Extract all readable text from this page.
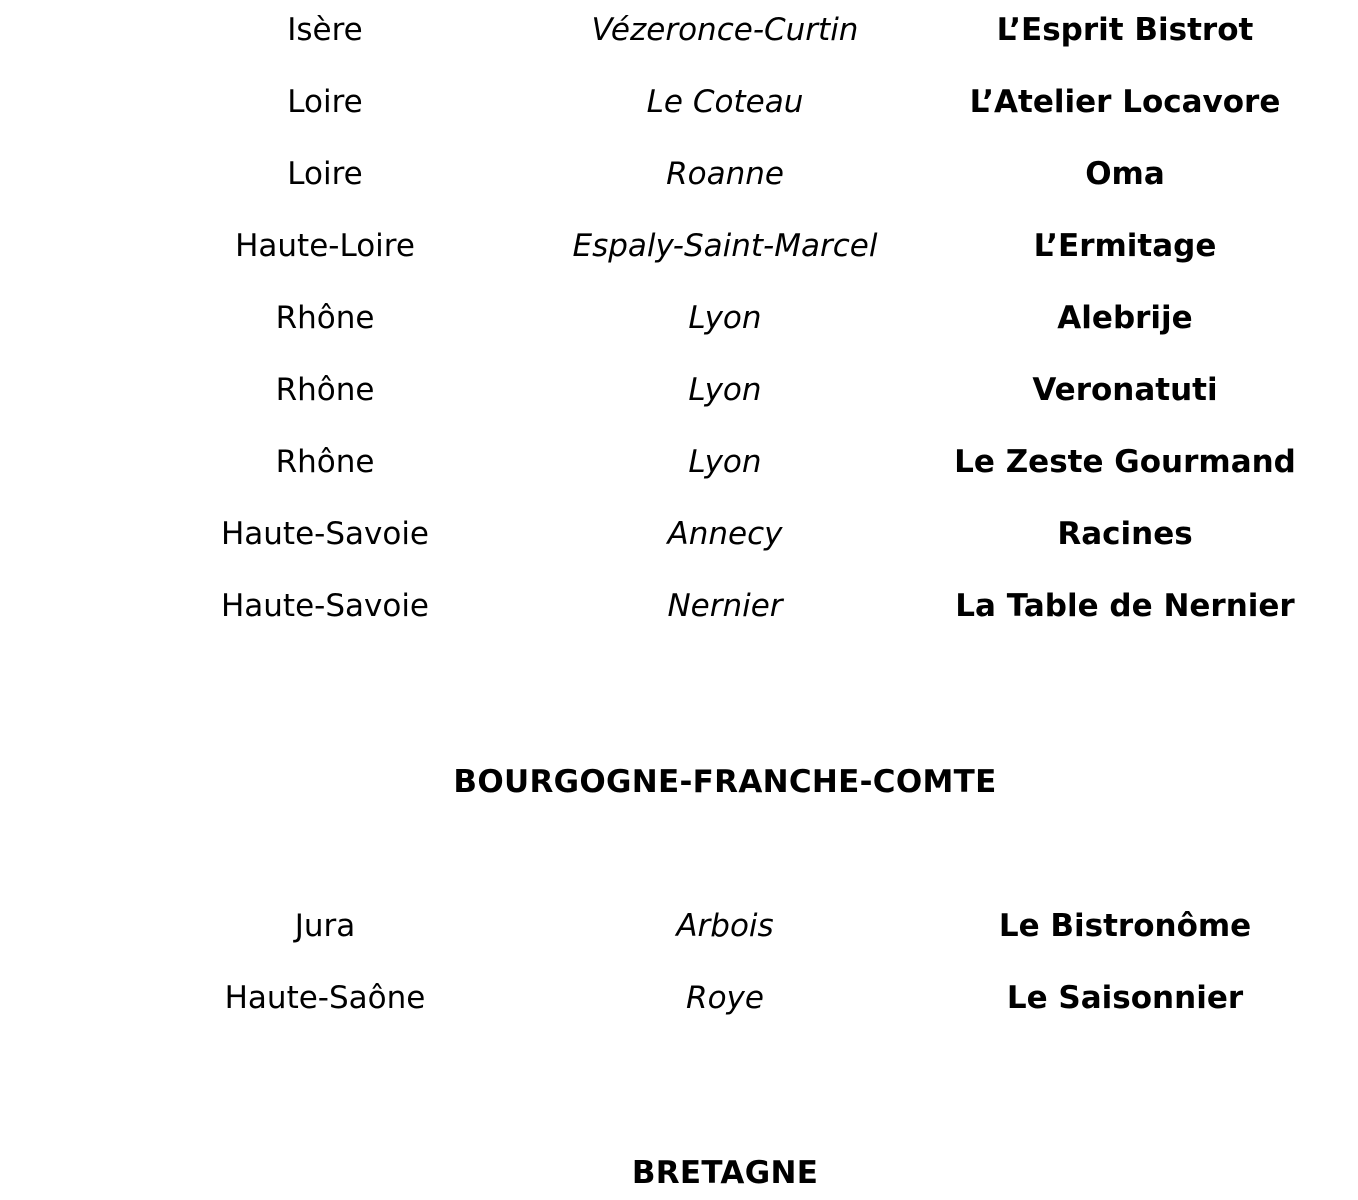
Isère	Vézeronce-Curtin	L’Esprit Bistrot
Loire	Le Coteau	L’Atelier Locavore
Loire	Roanne	Oma
Haute-Loire	Espaly-Saint-Marcel	L’Ermitage
Rhône	Lyon	Alebrije
Rhône	Lyon	Veronatuti
Rhône	Lyon	Le Zeste Gourmand
Haute-Savoie	Annecy	Racines
Haute-Savoie	Nernier	La Table de Nernier
BOURGOGNE-FRANCHE-COMTE
Jura	Arbois	Le Bistronôme
Haute-Saône	Roye	Le Saisonnier
BRETAGNE
